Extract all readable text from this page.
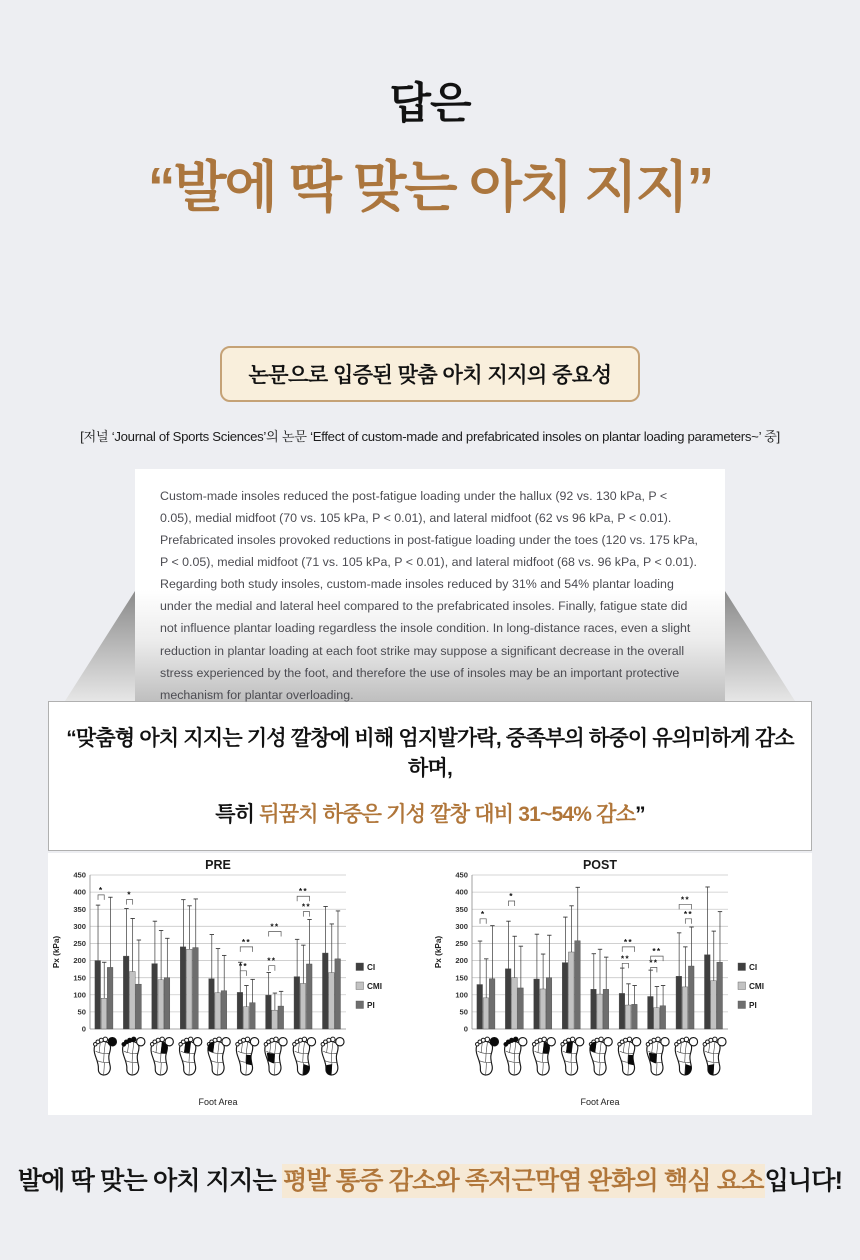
답은
“발에 딱 맞는 아치 지지”
논문으로 입증된 맞춤 아치 지지의 중요성
[저널 ‘Journal of Sports Sciences’의 논문 ‘Effect of custom-made and prefabricated insoles on plantar loading parameters~’ 중]

Custom-made insoles reduced the post-fatigue loading under the hallux (92 vs. 130 kPa, P < 0.05), medial midfoot (70 vs. 105 kPa, P < 0.01), and lateral midfoot (62 vs 96 kPa, P < 0.01). Prefabricated insoles provoked reductions in post-fatigue loading under the toes (120 vs. 175 kPa, P < 0.05), medial midfoot (71 vs. 105 kPa, P < 0.01), and lateral midfoot (68 vs. 96 kPa, P < 0.01). Regarding both study insoles, custom-made insoles reduced by 31% and 54% plantar loading under the medial and lateral heel compared to the prefabricated insoles. Finally, fatigue state did not influence plantar loading regardless the insole condition. In long-distance races, even a slight reduction in plantar loading at each foot strike may suppose a significant decrease in the overall stress experienced by the foot, and therefore the use of insoles may be an important protective mechanism for plantar overloading.

“맞춤형 아치 지지는 기성 깔창에 비해 엄지발가락, 중족부의 하중이 유의미하게 감소하며,
특히 뒤꿈치 하중은 기성 깔창 대비 31~54% 감소”
0
50
100
150
200
250
300
350
400
450
PRE
Px (kPa)
*	*
**
**
**
**
**
**
CI
CMI
PI
Foot Area
0
50
100
150
200
250
300
350
400
450
POST
Px (kPa)
*
*
**
**
**
**
**
**
CI
CMI
PI
Foot Area
발에 딱 맞는 아치 지지는 평발 통증 감소와 족저근막염 완화의 핵심 요소입니다!
